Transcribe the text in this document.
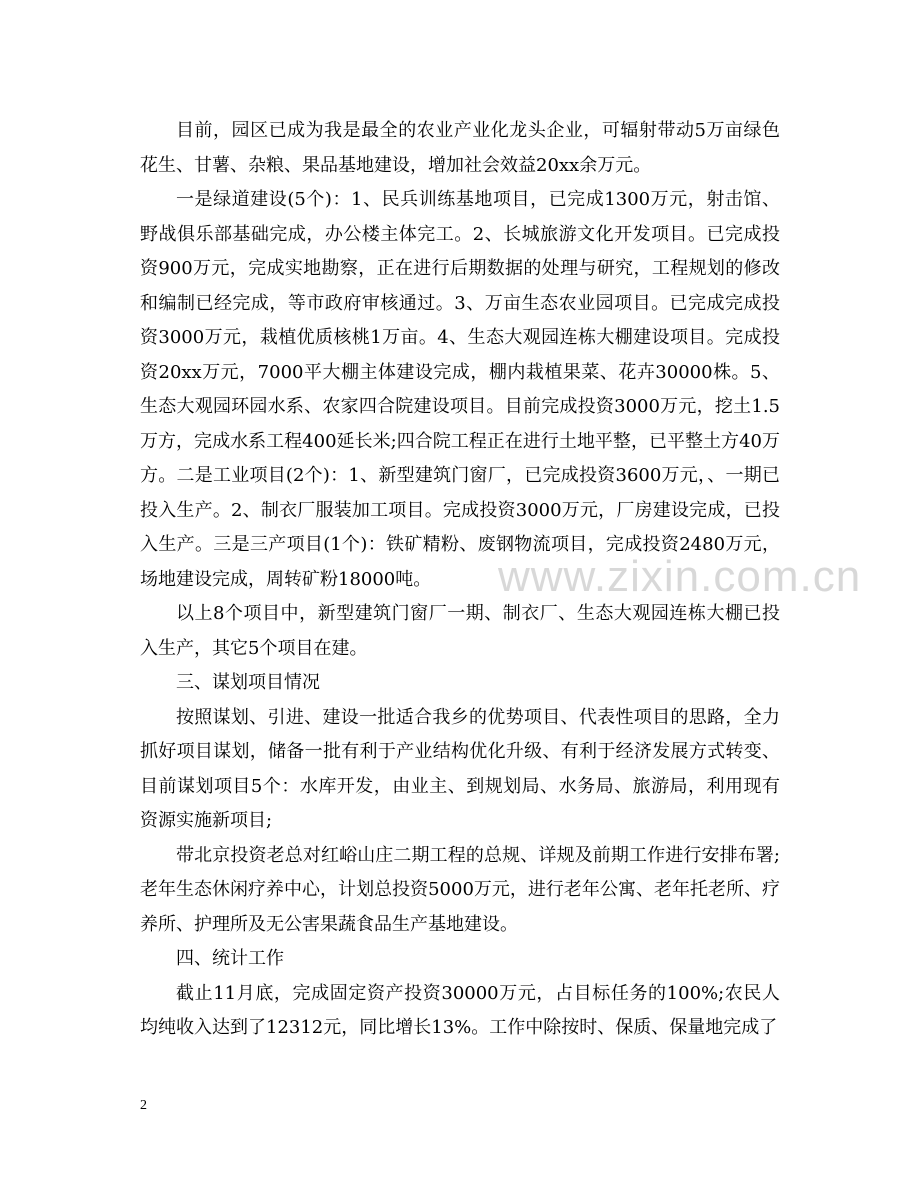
目前，园区已成为我是最全的农业产业化龙头企业，可辐射带动5万亩绿色花生、甘薯、杂粮、果品基地建设，增加社会效益20xx余万元。

一是绿道建设(5个)：1、民兵训练基地项目，已完成1300万元，射击馆、野战俱乐部基础完成，办公楼主体完工。2、长城旅游文化开发项目。已完成投资900万元，完成实地勘察，正在进行后期数据的处理与研究，工程规划的修改和编制已经完成，等市政府审核通过。3、万亩生态农业园项目。已完成完成投资3000万元，栽植优质核桃1万亩。4、生态大观园连栋大棚建设项目。完成投资20xx万元，7000平大棚主体建设完成，棚内栽植果菜、花卉30000株。5、生态大观园环园水系、农家四合院建设项目。目前完成投资3000万元，挖土1.5万方，完成水系工程400延长米;四合院工程正在进行土地平整，已平整土方40万方。二是工业项目(2个)：1、新型建筑门窗厂，已完成投资3600万元，、一期已投入生产。2、制衣厂服装加工项目。完成投资3000万元，厂房建设完成，已投入生产。三是三产项目(1个)：铁矿精粉、废钢物流项目，完成投资2480万元，场地建设完成，周转矿粉18000吨。

以上8个项目中，新型建筑门窗厂一期、制衣厂、生态大观园连栋大棚已投入生产，其它5个项目在建。

三、谋划项目情况

按照谋划、引进、建设一批适合我乡的优势项目、代表性项目的思路，全力抓好项目谋划，储备一批有利于产业结构优化升级、有利于经济发展方式转变、目前谋划项目5个：水库开发，由业主、到规划局、水务局、旅游局，利用现有资源实施新项目;

带北京投资老总对红峪山庄二期工程的总规、详规及前期工作进行安排布署;老年生态休闲疗养中心，计划总投资5000万元，进行老年公寓、老年托老所、疗养所、护理所及无公害果蔬食品生产基地建设。

四、统计工作

截止11月底，完成固定资产投资30000万元，占目标任务的100%;农民人均纯收入达到了12312元，同比增长13%。工作中除按时、保质、保量地完成了

www.zixin.com.cn
2
